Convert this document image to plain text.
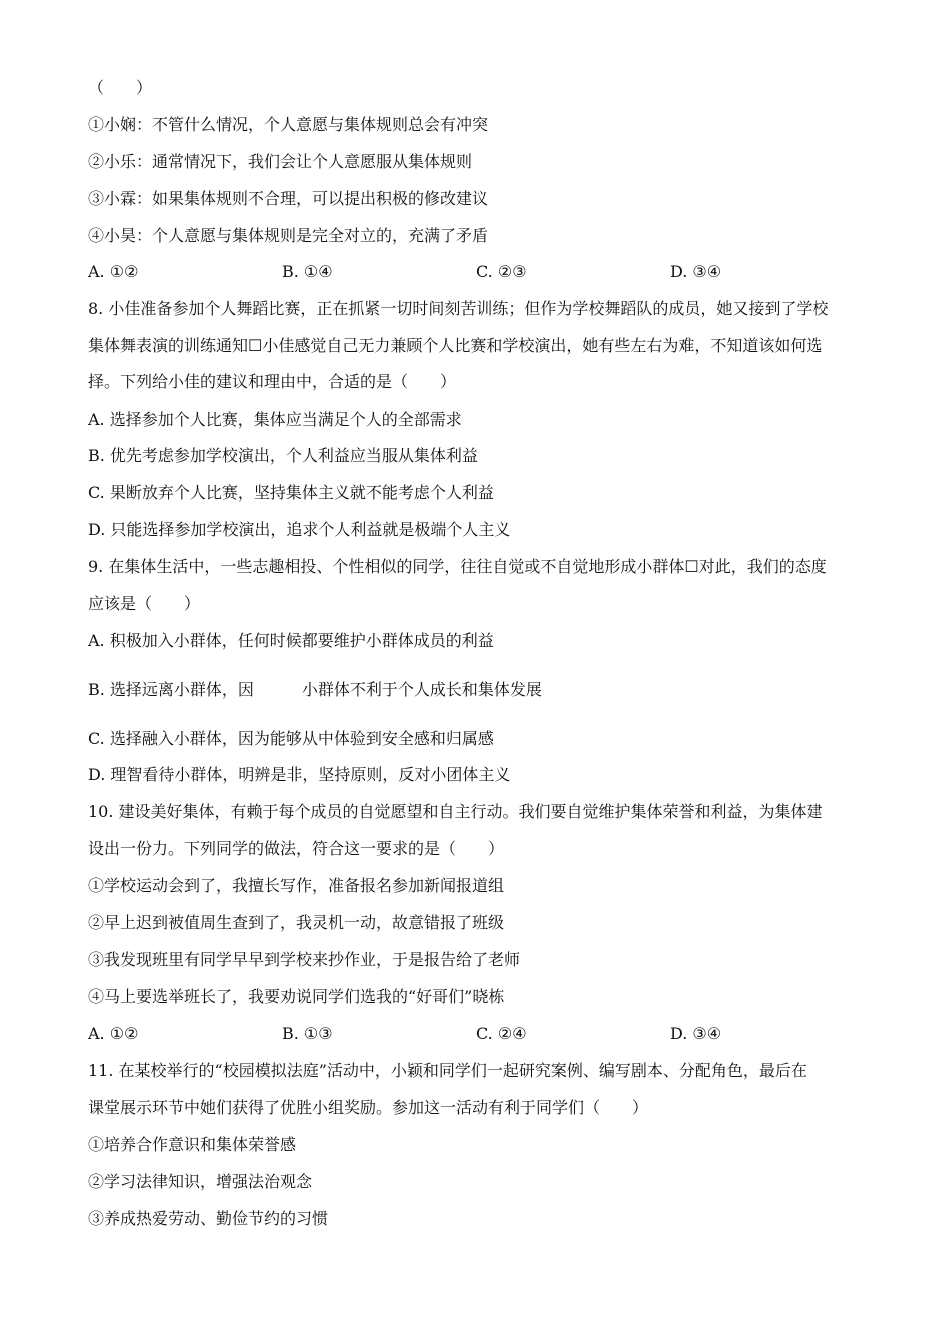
（　　）
①小娴：不管什么情况，个人意愿与集体规则总会有冲突
②小乐：通常情况下，我们会让个人意愿服从集体规则
③小霖：如果集体规则不合理，可以提出积极的修改建议
④小昊：个人意愿与集体规则是完全对立的，充满了矛盾
A. ①②	B. ①④	C. ②③	D. ③④
8. 小佳准备参加个人舞蹈比赛，正在抓紧一切时间刻苦训练；但作为学校舞蹈队的成员，她又接到了学校
集体舞表演的训练通知☐小佳感觉自己无力兼顾个人比赛和学校演出，她有些左右为难，不知道该如何选
择。下列给小佳的建议和理由中，合适的是（　　）
A. 选择参加个人比赛，集体应当满足个人的全部需求
B. 优先考虑参加学校演出，个人利益应当服从集体利益
C. 果断放弃个人比赛，坚持集体主义就不能考虑个人利益
D. 只能选择参加学校演出，追求个人利益就是极端个人主义
9. 在集体生活中，一些志趣相投、个性相似的同学，往往自觉或不自觉地形成小群体☐对此，我们的态度
应该是（　　）
A. 积极加入小群体，任何时候都要维护小群体成员的利益
B. 选择远离小群体，因　　　小群体不利于个人成长和集体发展
C. 选择融入小群体，因为能够从中体验到安全感和归属感
D. 理智看待小群体，明辨是非，坚持原则，反对小团体主义
10. 建设美好集体，有赖于每个成员的自觉愿望和自主行动。我们要自觉维护集体荣誉和利益，为集体建
设出一份力。下列同学的做法，符合这一要求的是（　　）
①学校运动会到了，我擅长写作，准备报名参加新闻报道组
②早上迟到被值周生查到了，我灵机一动，故意错报了班级
③我发现班里有同学早早到学校来抄作业，于是报告给了老师
④马上要选举班长了，我要劝说同学们选我的“好哥们”晓栋
A. ①②	B. ①③	C. ②④	D. ③④
11. 在某校举行的“校园模拟法庭”活动中，小颖和同学们一起研究案例、编写剧本、分配角色，最后在
课堂展示环节中她们获得了优胜小组奖励。参加这一活动有利于同学们（　　）
①培养合作意识和集体荣誉感
②学习法律知识，增强法治观念
③养成热爱劳动、勤俭节约的习惯
